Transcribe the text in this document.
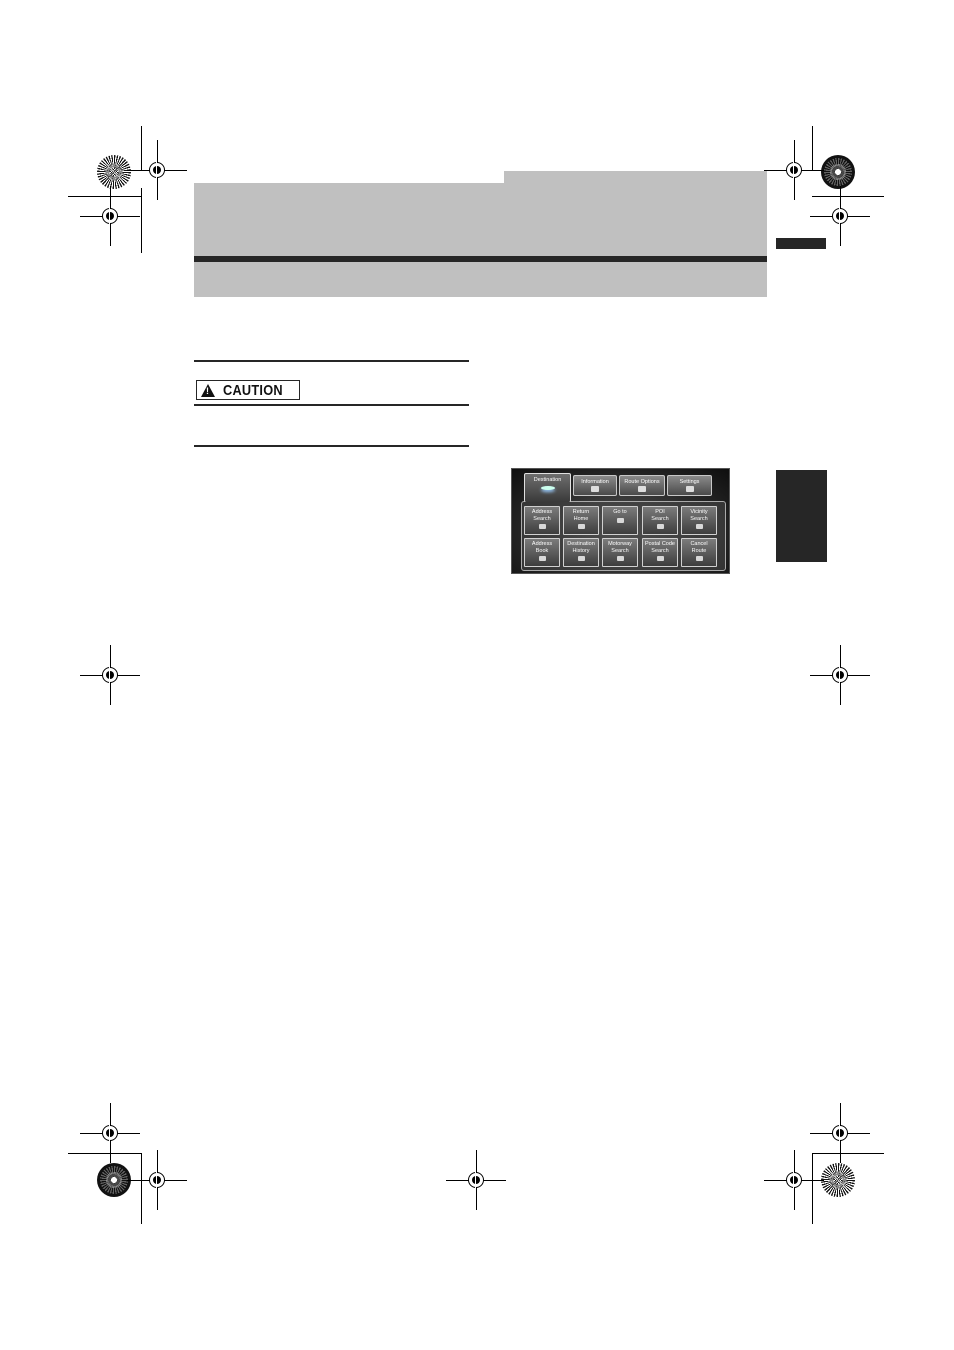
! CAUTION
Destination	Information	Route Options	Settings
Address
Search
Return
Home
Go to	POI
Search
Vicinity
Search
Address
Book
Destination
History
Motorway
Search
Postal Code
Search
Cancel
Route
